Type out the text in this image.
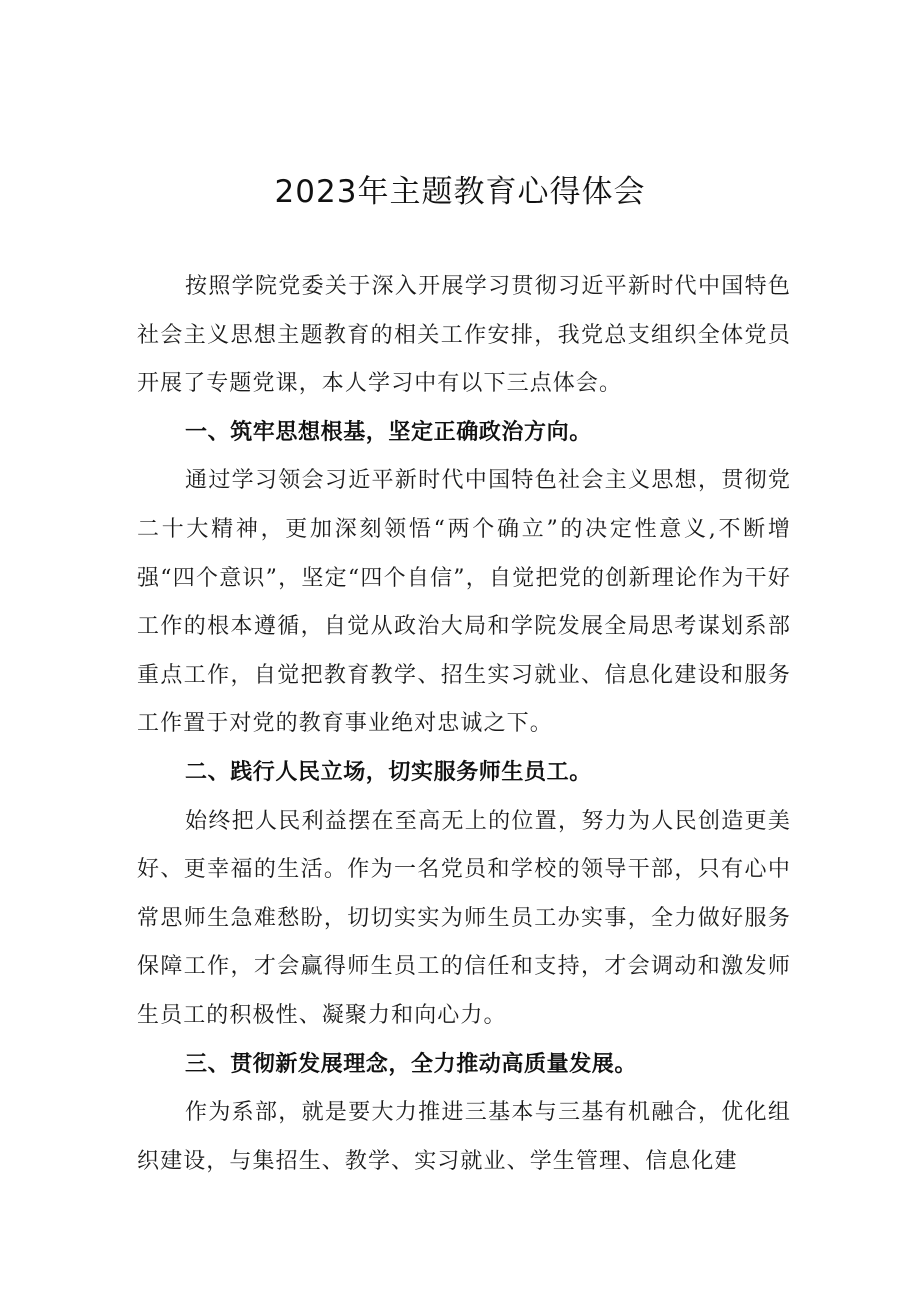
2023年主题教育心得体会

按照学院党委关于深入开展学习贯彻习近平新时代中国特色社会主义思想主题教育的相关工作安排，我党总支组织全体党员开展了专题党课，本人学习中有以下三点体会。

一、筑牢思想根基，坚定正确政治方向。

通过学习领会习近平新时代中国特色社会主义思想，贯彻党二十大精神，更加深刻领悟“两个确立”的决定性意义,不断增强“四个意识”，坚定“四个自信”，自觉把党的创新理论作为干好工作的根本遵循，自觉从政治大局和学院发展全局思考谋划系部重点工作，自觉把教育教学、招生实习就业、信息化建设和服务工作置于对党的教育事业绝对忠诚之下。

二、践行人民立场，切实服务师生员工。

始终把人民利益摆在至高无上的位置，努力为人民创造更美好、更幸福的生活。作为一名党员和学校的领导干部，只有心中常思师生急难愁盼，切切实实为师生员工办实事，全力做好服务保障工作，才会赢得师生员工的信任和支持，才会调动和激发师生员工的积极性、凝聚力和向心力。

三、贯彻新发展理念，全力推动高质量发展。

作为系部，就是要大力推进三基本与三基有机融合，优化组织建设，与集招生、教学、实习就业、学生管理、信息化建
